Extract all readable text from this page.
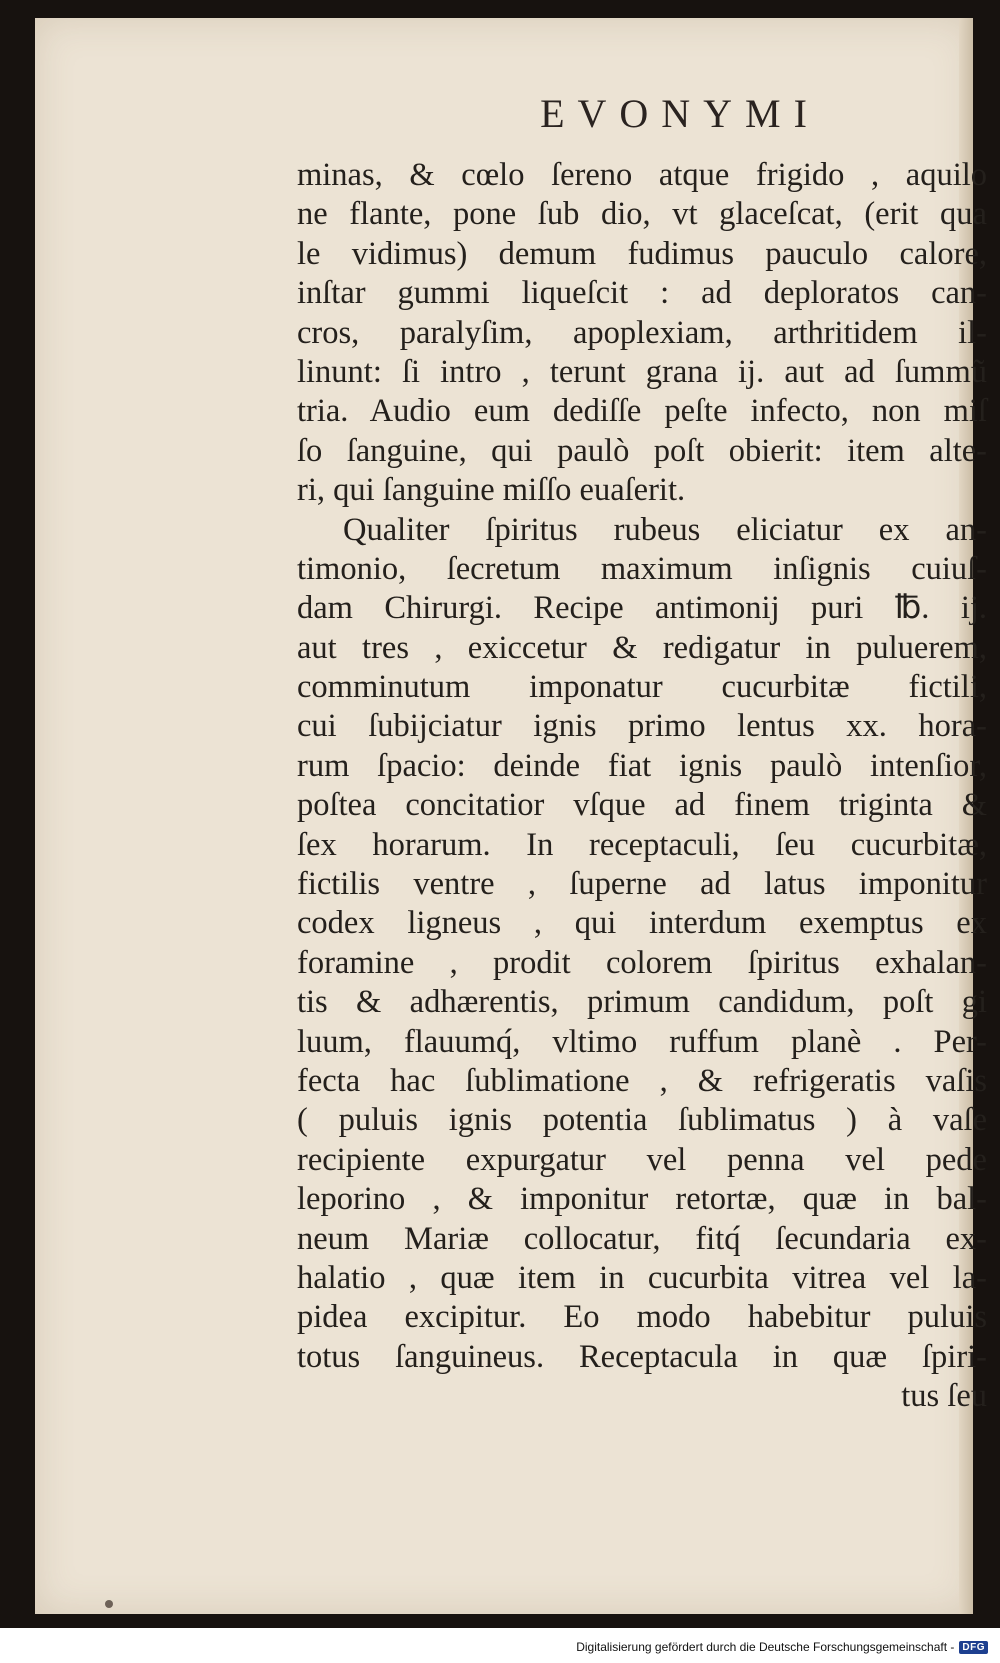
EVONYMI
minas, & cœlo ſereno atque frigido , aquilo
ne flante, pone ſub dio, vt glaceſcat, (erit qua
le vidimus) demum fudimus pauculo calore,
inſtar gummi liqueſcit : ad deploratos can-
cros, paralyſim, apoplexiam, arthritidem il-
linunt: ſi intro , terunt grana ij. aut ad ſummũ
tria. Audio eum dediſſe peſte infecto, non miſ
ſo ſanguine, qui paulò poſt obierit: item alte-
ri, qui ſanguine miſſo euaſerit.
Qualiter ſpiritus rubeus eliciatur ex an-
timonio, ſecretum maximum inſignis cuiuſ-
dam Chirurgi. Recipe antimonij puri ℔. ij.
aut tres , exiccetur & redigatur in puluerem,
comminutum imponatur cucurbitæ fictili,
cui ſubijciatur ignis primo lentus xx. hora-
rum ſpacio: deinde fiat ignis paulò intenſior,
poſtea concitatior vſque ad finem triginta &
ſex horarum. In receptaculi, ſeu cucurbitæ,
fictilis ventre , ſuperne ad latus imponitur
codex ligneus , qui interdum exemptus ex
foramine , prodit colorem ſpiritus exhalan-
tis & adhærentis, primum candidum, poſt gi
luum, flauumq́, vltimo ruffum planè . Per-
fecta hac ſublimatione , & refrigeratis vaſis
( puluis ignis potentia ſublimatus ) à vaſe
recipiente expurgatur vel penna vel pede
leporino , & imponitur retortæ, quæ in bal-
neum Mariæ collocatur, fitq́ ſecundaria ex-
halatio , quæ item in cucurbita vitrea vel la-
pidea excipitur. Eo modo habebitur puluis
totus ſanguineus. Receptacula in quæ ſpiri-
tus ſeu
Digitalisierung gefördert durch die Deutsche Forschungsgemeinschaft - DFG
